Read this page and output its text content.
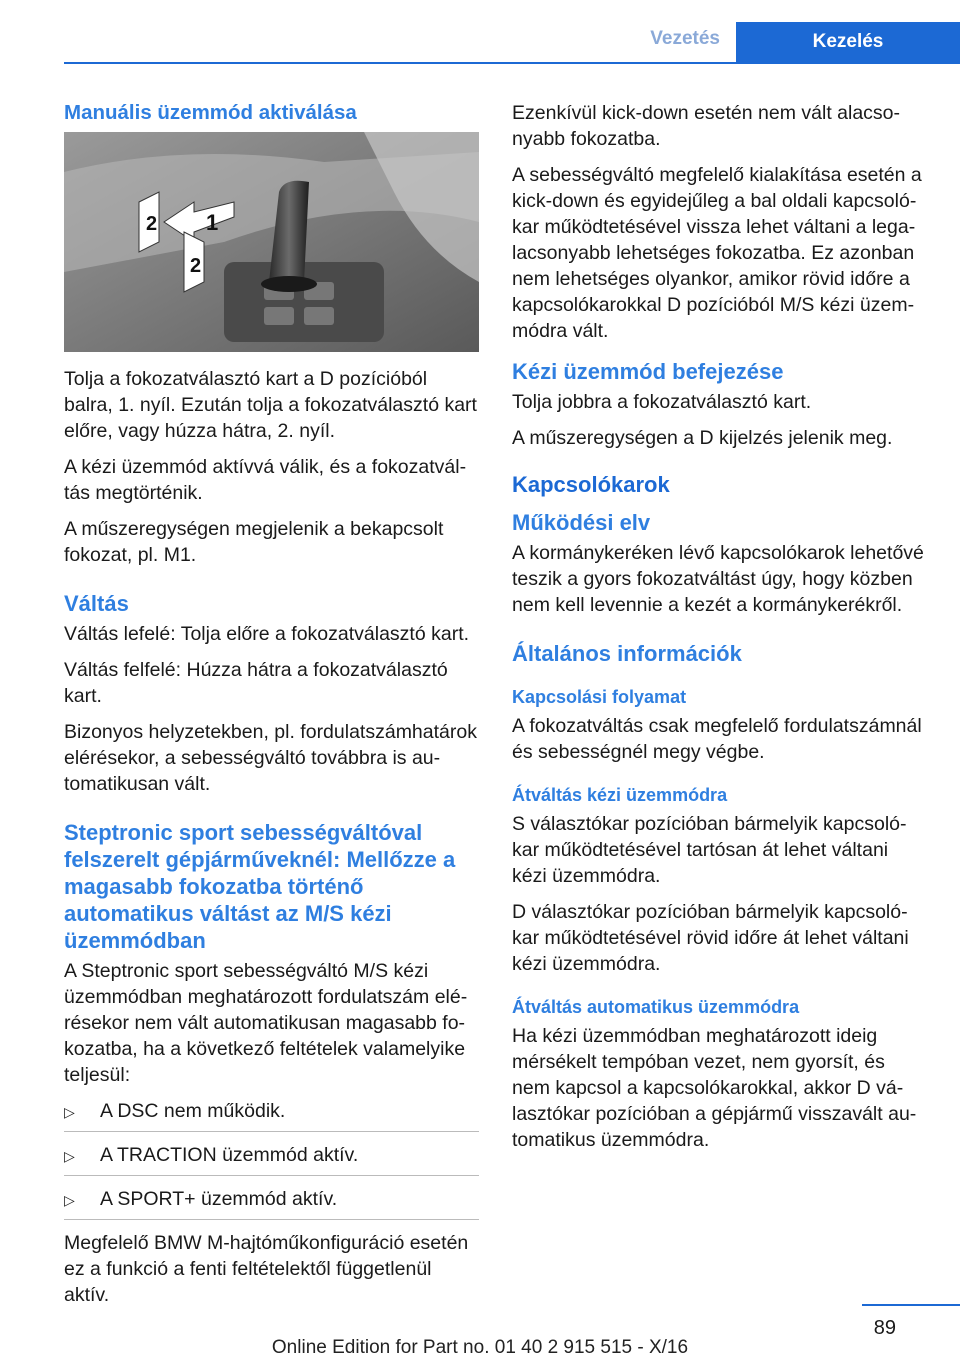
Vezetés	Kezelés
Manuális üzemmód aktiválása
1
2
2

Tolja a fokozatválasztó kart a D pozícióból balra, 1. nyíl. Ezután tolja a fokozatválasztó kart előre, vagy húzza hátra, 2. nyíl.

A kézi üzemmód aktívvá válik, és a fokozatváltás megtörténik.

A műszeregységen megjelenik a bekapcsolt fokozat, pl. M1.

Váltás

Váltás lefelé: Tolja előre a fokozatválasztó kart.

Váltás felfelé: Húzza hátra a fokozatválasztó kart.

Bizonyos helyzetekben, pl. fordulatszámhatárok elérésekor, a sebességváltó továbbra is automatikusan vált.

Steptronic sport sebességváltóval felszerelt gépjárműveknél: Mellőzze a magasabb fokozatba történő automatikus váltást az M/S kézi üzemmódban

A Steptronic sport sebességváltó M/S kézi üzemmódban meghatározott fordulatszám elérésekor nem vált automatikusan magasabb fokozatba, ha a következő feltételek valamelyike teljesül:

▷	A DSC nem működik.
▷	A TRACTION üzemmód aktív.
▷	A SPORT+ üzemmód aktív.

Megfelelő BMW M-hajtóműkonfiguráció esetén ez a funkció a fenti feltételektől függetlenül aktív.

Ezenkívül kick-down esetén nem vált alacsonyabb fokozatba.

A sebességváltó megfelelő kialakítása esetén a kick-down és egyidejűleg a bal oldali kapcsolókar működtetésével vissza lehet váltani a legalacsonyabb lehetséges fokozatba. Ez azonban nem lehetséges olyankor, amikor rövid időre a kapcsolókarokkal D pozícióból M/S kézi üzemmódra vált.

Kézi üzemmód befejezése

Tolja jobbra a fokozatválasztó kart.

A műszeregységen a D kijelzés jelenik meg.

Kapcsolókarok
Működési elv

A kormánykeréken lévő kapcsolókarok lehetővé teszik a gyors fokozatváltást úgy, hogy közben nem kell levennie a kezét a kormánykerékről.

Általános információk
Kapcsolási folyamat

A fokozatváltás csak megfelelő fordulatszámnál és sebességnél megy végbe.

Átváltás kézi üzemmódra

S választókar pozícióban bármelyik kapcsolókar működtetésével tartósan át lehet váltani kézi üzemmódra.

D választókar pozícióban bármelyik kapcsolókar működtetésével rövid időre át lehet váltani kézi üzemmódra.

Átváltás automatikus üzemmódra

Ha kézi üzemmódban meghatározott ideig mérsékelt tempóban vezet, nem gyorsít, és nem kapcsol a kapcsolókarokkal, akkor D választókar pozícióban a gépjármű visszavált automatikus üzemmódra.

89
Online Edition for Part no. 01 40 2 915 515 - X/16
